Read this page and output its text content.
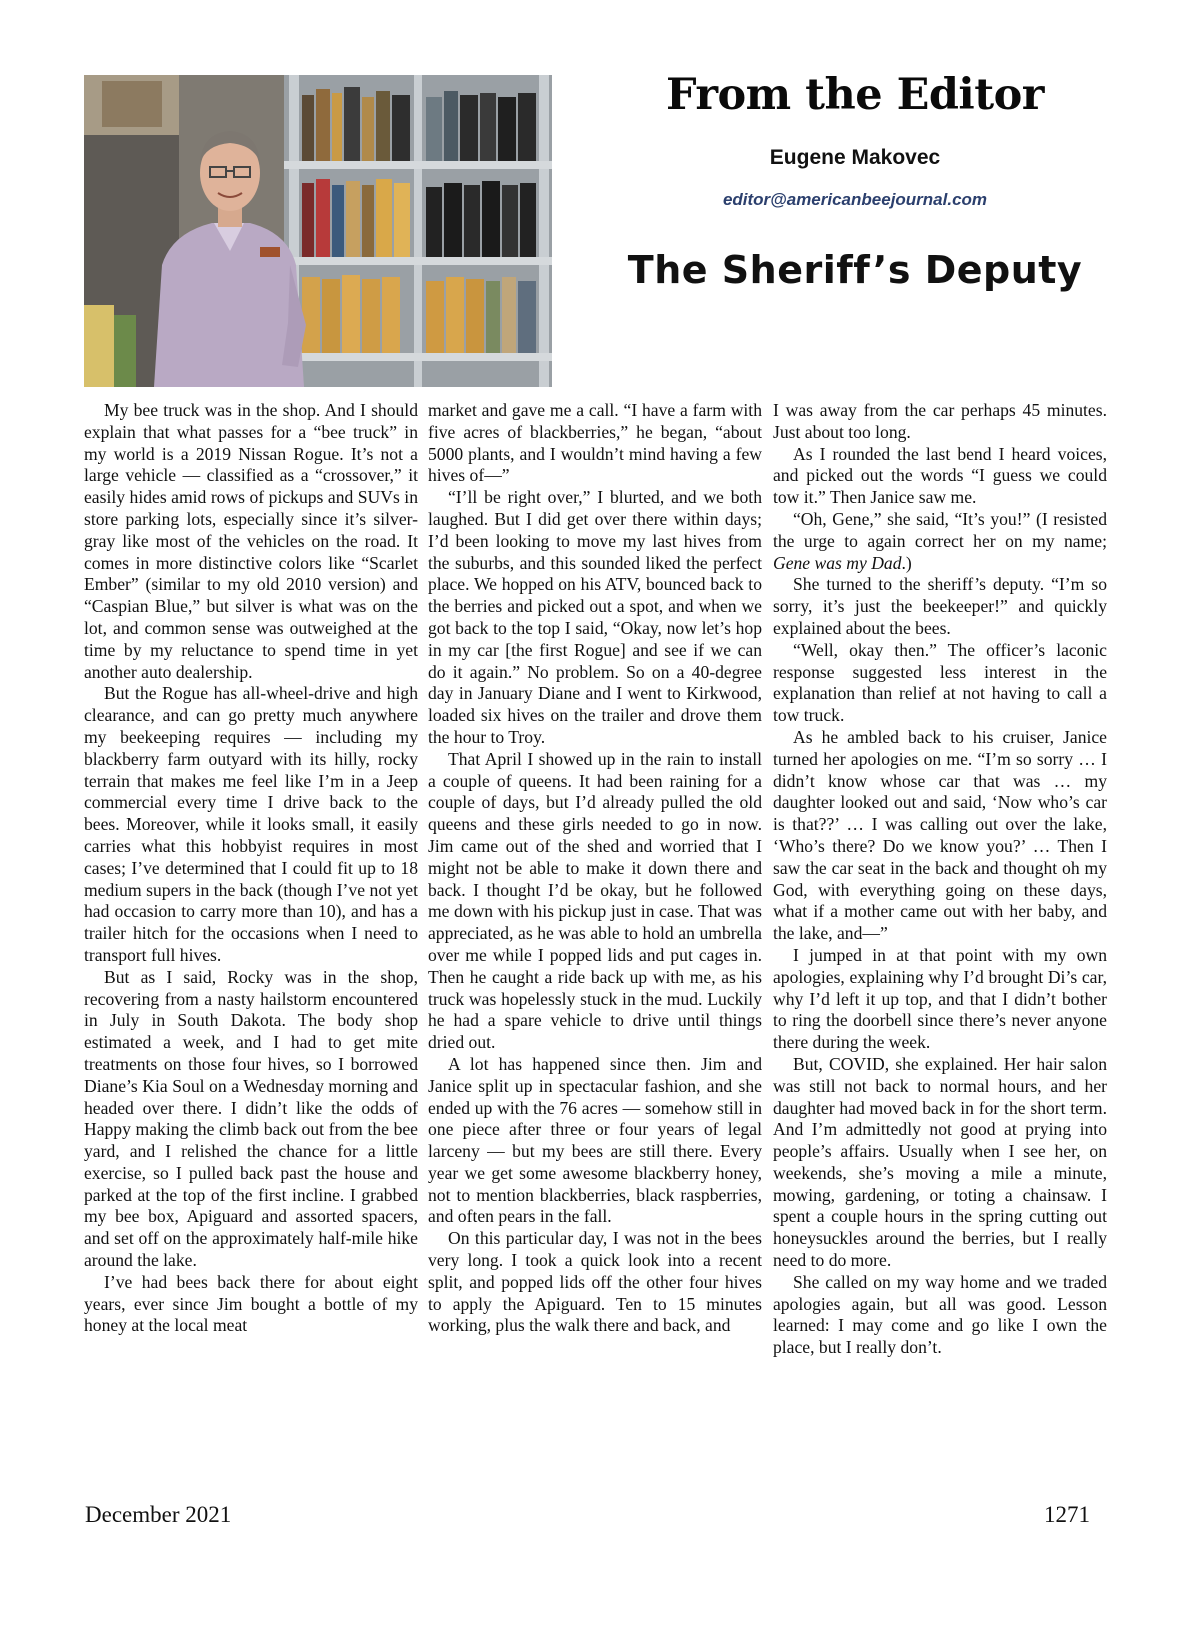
From the Editor
Eugene Makovec
editor@americanbeejournal.com
The Sheriff’s Deputy

My bee truck was in the shop. And I should explain that what passes for a “bee truck” in my world is a 2019 Nissan Rogue. It’s not a large vehicle — classified as a “crossover,” it easily hides amid rows of pickups and SUVs in store parking lots, especially since it’s silver-gray like most of the vehicles on the road. It comes in more distinctive colors like “Scarlet Ember” (similar to my old 2010 version) and “Caspian Blue,” but silver is what was on the lot, and common sense was outweighed at the time by my reluctance to spend time in yet another auto dealership.

But the Rogue has all-wheel-drive and high clearance, and can go pretty much anywhere my beekeeping requires — including my blackberry farm outyard with its hilly, rocky terrain that makes me feel like I’m in a Jeep commercial every time I drive back to the bees. Moreover, while it looks small, it easily carries what this hobbyist requires in most cases; I’ve determined that I could fit up to 18 medium supers in the back (though I’ve not yet had occasion to carry more than 10), and has a trailer hitch for the occasions when I need to transport full hives.

But as I said, Rocky was in the shop, recovering from a nasty hailstorm encountered in July in South Dakota. The body shop estimated a week, and I had to get mite treatments on those four hives, so I borrowed Diane’s Kia Soul on a Wednesday morning and headed over there. I didn’t like the odds of Happy making the climb back out from the bee yard, and I relished the chance for a little exercise, so I pulled back past the house and parked at the top of the first incline. I grabbed my bee box, Apiguard and assorted spacers, and set off on the approximately half-mile hike around the lake.

I’ve had bees back there for about eight years, ever since Jim bought a bottle of my honey at the local meat

market and gave me a call. “I have a farm with five acres of blackberries,” he began, “about 5000 plants, and I wouldn’t mind having a few hives of—”

“I’ll be right over,” I blurted, and we both laughed. But I did get over there within days; I’d been looking to move my last hives from the suburbs, and this sounded liked the perfect place. We hopped on his ATV, bounced back to the berries and picked out a spot, and when we got back to the top I said, “Okay, now let’s hop in my car [the first Rogue] and see if we can do it again.” No problem. So on a 40-degree day in January Diane and I went to Kirkwood, loaded six hives on the trailer and drove them the hour to Troy.

That April I showed up in the rain to install a couple of queens. It had been raining for a couple of days, but I’d already pulled the old queens and these girls needed to go in now. Jim came out of the shed and worried that I might not be able to make it down there and back. I thought I’d be okay, but he followed me down with his pickup just in case. That was appreciated, as he was able to hold an umbrella over me while I popped lids and put cages in. Then he caught a ride back up with me, as his truck was hopelessly stuck in the mud. Luckily he had a spare vehicle to drive until things dried out.

A lot has happened since then. Jim and Janice split up in spectacular fashion, and she ended up with the 76 acres — somehow still in one piece after three or four years of legal larceny — but my bees are still there. Every year we get some awesome blackberry honey, not to mention blackberries, black raspberries, and often pears in the fall.

On this particular day, I was not in the bees very long. I took a quick look into a recent split, and popped lids off the other four hives to apply the Apiguard. Ten to 15 minutes working, plus the walk there and back, and

I was away from the car perhaps 45 minutes. Just about too long.

As I rounded the last bend I heard voices, and picked out the words “I guess we could tow it.” Then Janice saw me.

“Oh, Gene,” she said, “It’s you!” (I resisted the urge to again correct her on my name; Gene was my Dad.)

She turned to the sheriff’s deputy. “I’m so sorry, it’s just the beekeeper!” and quickly explained about the bees.

“Well, okay then.” The officer’s laconic response suggested less interest in the explanation than relief at not having to call a tow truck.

As he ambled back to his cruiser, Janice turned her apologies on me. “I’m so sorry … I didn’t know whose car that was … my daughter looked out and said, ‘Now who’s car is that??’ … I was calling out over the lake, ‘Who’s there? Do we know you?’ … Then I saw the car seat in the back and thought oh my God, with everything going on these days, what if a mother came out with her baby, and the lake, and—”

I jumped in at that point with my own apologies, explaining why I’d brought Di’s car, why I’d left it up top, and that I didn’t bother to ring the doorbell since there’s never anyone there during the week.

But, COVID, she explained. Her hair salon was still not back to normal hours, and her daughter had moved back in for the short term. And I’m admittedly not good at prying into people’s affairs. Usually when I see her, on weekends, she’s moving a mile a minute, mowing, gardening, or toting a chainsaw. I spent a couple hours in the spring cutting out honeysuckles around the berries, but I really need to do more.

She called on my way home and we traded apologies again, but all was good. Lesson learned: I may come and go like I own the place, but I really don’t.

December 2021	1271
